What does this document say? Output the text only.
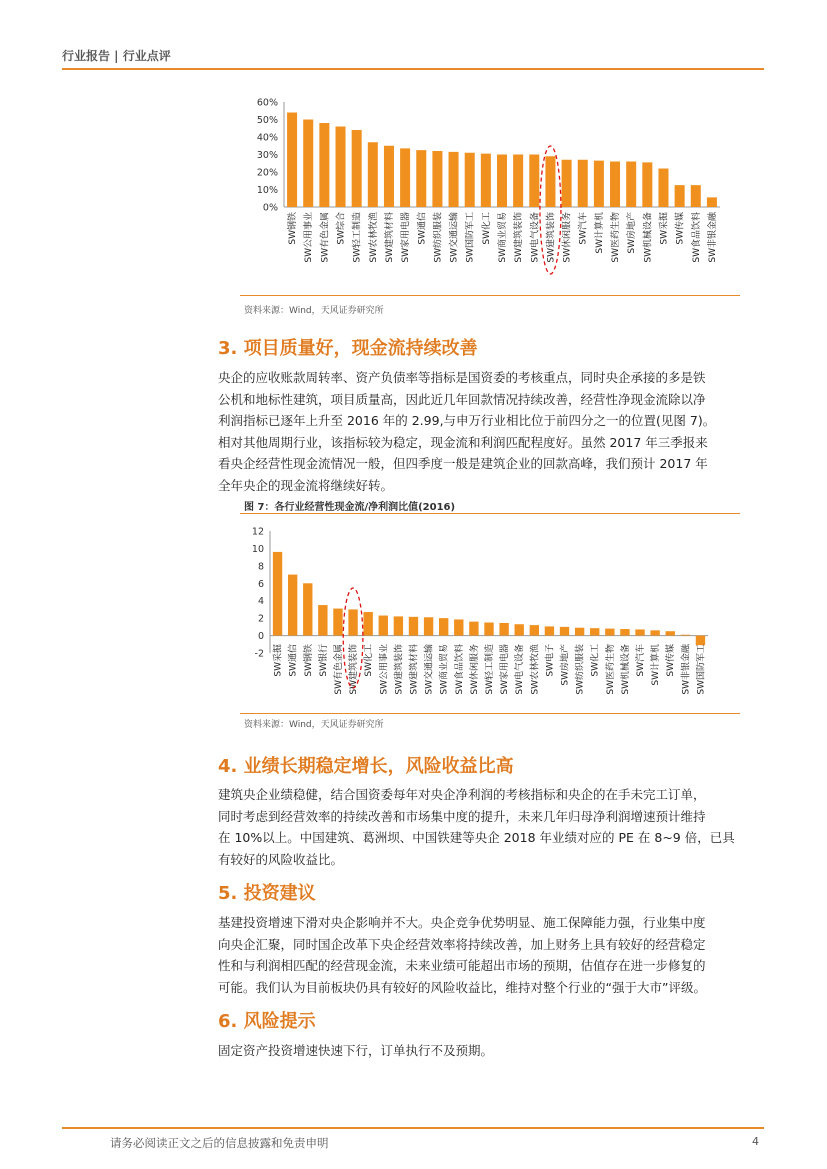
行业报告 | 行业点评
0%
10%
20%
30%
40%
50%
60%
SW钢铁 SW公用事业 SW有色金属 SW综合 SW轻工制造 SW农林牧渔 SW建筑材料 SW家用电器 SW通信 SW纺织服装 SW交通运输 SW国防军工 SW化工 SW商业贸易 SW建筑装饰 SW电气设备 SW建筑装饰 SW休闲服务 SW汽车 SW计算机 SW医药生物 SW房地产 SW机械设备 SW采掘 SW传媒 SW食品饮料 SW非银金融
资料来源：Wind，天风证券研究所
3. 项目质量好，现金流持续改善
央企的应收账款周转率、资产负债率等指标是国资委的考核重点，同时央企承接的多是铁
公机和地标性建筑，项目质量高，因此近几年回款情况持续改善，经营性净现金流除以净
利润指标已逐年上升至 2016 年的 2.99,与申万行业相比位于前四分之一的位置(见图 7)。
相对其他周期行业，该指标较为稳定，现金流和利润匹配程度好。虽然 2017 年三季报来
看央企经营性现金流情况一般，但四季度一般是建筑企业的回款高峰，我们预计 2017 年
全年央企的现金流将继续好转。
图 7：各行业经营性现金流/净利润比值(2016)
-2
0
2
4
6
8
10
12
SW采掘 SW通信 SW钢铁 SW银行 SW有色金属 SW建筑装饰 SW化工 SW公用事业 SW建筑装饰 SW建筑材料 SW交通运输 SW商业贸易 SW食品饮料 SW休闲服务 SW轻工制造 SW家用电器 SW电气设备 SW农林牧渔 SW电子 SW房地产 SW纺织服装 SW化工 SW医药生物 SW机械设备 SW汽车 SW计算机 SW传媒 SW非银金融 SW国防军工
资料来源：Wind，天风证券研究所
4. 业绩长期稳定增长，风险收益比高
建筑央企业绩稳健，结合国资委每年对央企净利润的考核指标和央企的在手未完工订单，
同时考虑到经营效率的持续改善和市场集中度的提升，未来几年归母净利润增速预计维持
在 10%以上。中国建筑、葛洲坝、中国铁建等央企 2018 年业绩对应的 PE 在 8~9 倍，已具
有较好的风险收益比。
5. 投资建议
基建投资增速下滑对央企影响并不大。央企竞争优势明显、施工保障能力强，行业集中度
向央企汇聚，同时国企改革下央企经营效率将持续改善，加上财务上具有较好的经营稳定
性和与利润相匹配的经营现金流，未来业绩可能超出市场的预期，估值存在进一步修复的
可能。我们认为目前板块仍具有较好的风险收益比，维持对整个行业的“强于大市”评级。
6. 风险提示
固定资产投资增速快速下行，订单执行不及预期。
请务必阅读正文之后的信息披露和免责申明	4
